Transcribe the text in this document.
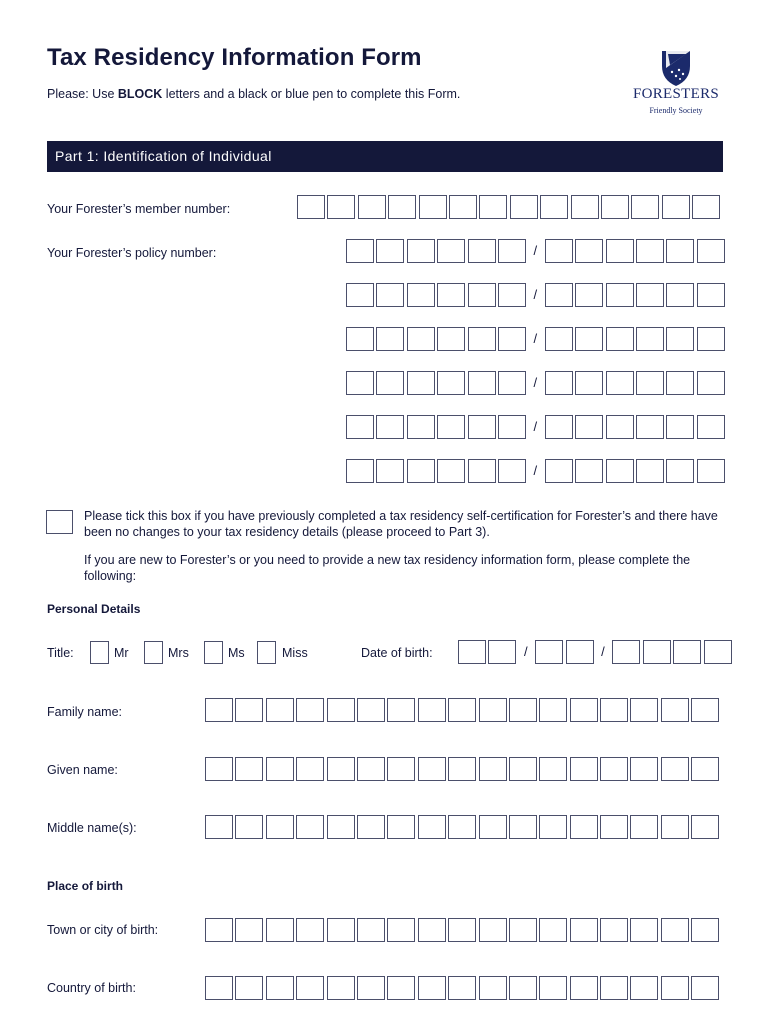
Tax Residency Information Form
Please: Use BLOCK letters and a black or blue pen to complete this Form.	FORESTERS
Friendly Society
Part 1: Identification of Individual
Your Forester’s member number:
Your Forester’s policy number:	/
/
/
/
/
/
Please tick this box if you have previously completed a tax residency self-certification for Forester’s and there have been no changes to your tax residency details (please proceed to Part 3).
If you are new to Forester’s or you need to provide a new tax residency information form, please complete the following:
Personal Details
Title:	Mr	Mrs	Ms	Miss	Date of birth:	/	/
Family name:
Given name:
Middle name(s):
Place of birth
Town or city of birth:
Country of birth:
